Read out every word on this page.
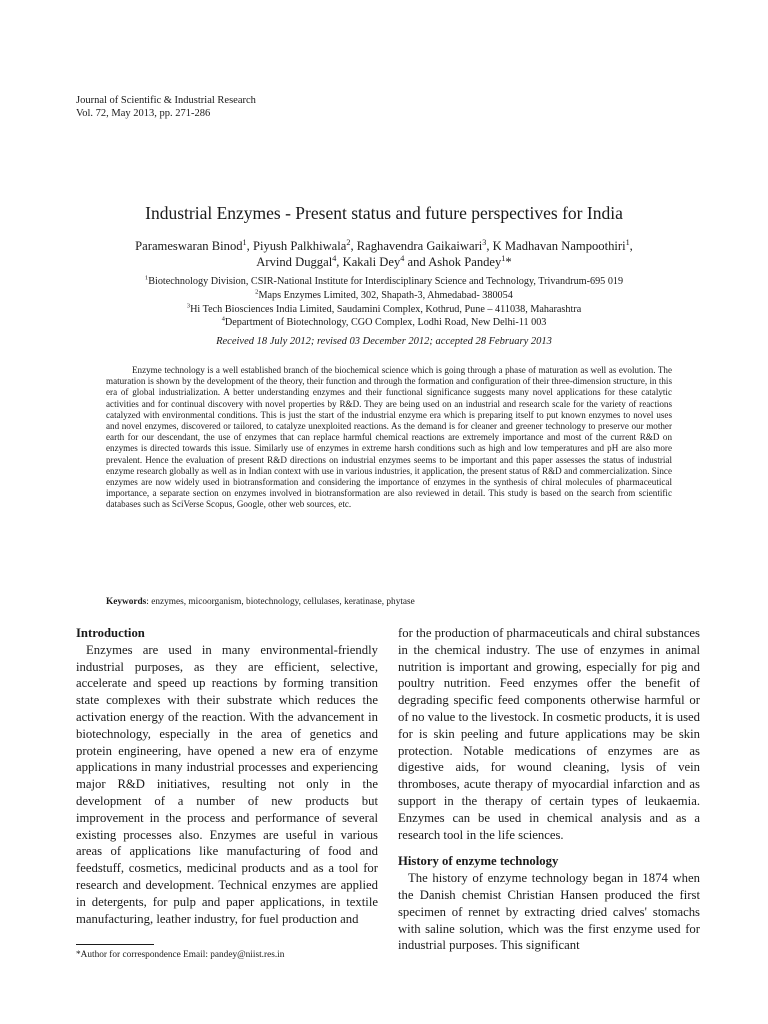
Journal of Scientific & Industrial Research
Vol. 72, May 2013, pp. 271-286
Industrial Enzymes - Present status and future perspectives for India
Parameswaran Binod$^1$, Piyush Palkhiwala$^2$, Raghavendra Gaikaiwari$^3$, K Madhavan Nampoothiri$^1$,
Arvind Duggal$^4$, Kakali Dey$^4$ and Ashok Pandey$^1$*
$^1$Biotechnology Division, CSIR-National Institute for Interdisciplinary Science and Technology, Trivandrum-695 019
$^2$Maps Enzymes Limited, 302, Shapath-3, Ahmedabad- 380054
$^3$Hi Tech Biosciences India Limited, Saudamini Complex, Kothrud, Pune – 411038, Maharashtra
$^4$Department of Biotechnology, CGO Complex, Lodhi Road, New Delhi-11 003
Received 18 July 2012; revised 03 December 2012; accepted 28 February 2013

Enzyme technology is a well established branch of the biochemical science which is going through a phase of maturation as well as evolution. The maturation is shown by the development of the theory, their function and through the formation and configuration of their three-dimension structure, in this era of global industrialization. A better understanding enzymes and their functional significance suggests many novel applications for these catalytic activities and for continual discovery with novel properties by R&D. They are being used on an industrial and research scale for the variety of reactions catalyzed with environmental conditions. This is just the start of the industrial enzyme era which is preparing itself to put known enzymes to novel uses and novel enzymes, discovered or tailored, to catalyze unexploited reactions. As the demand is for cleaner and greener technology to preserve our mother earth for our descendant, the use of enzymes that can replace harmful chemical reactions are extremely importance and most of the current R&D on enzymes is directed towards this issue. Similarly use of enzymes in extreme harsh conditions such as high and low temperatures and pH are also more prevalent. Hence the evaluation of present R&D directions on industrial enzymes seems to be important and this paper assesses the status of industrial enzyme research globally as well as in Indian context with use in various industries, it application, the present status of R&D and commercialization. Since enzymes are now widely used in biotransformation and considering the importance of enzymes in the synthesis of chiral molecules of pharmaceutical importance, a separate section on enzymes involved in biotransformation are also reviewed in detail. This study is based on the search from scientific databases such as SciVerse Scopus, Google, other web sources, etc.

Keywords: enzymes, micoorganism, biotechnology, cellulases, keratinase, phytase

Introduction

Enzymes are used in many environmental-friendly industrial purposes, as they are efficient, selective, accelerate and speed up reactions by forming transition state complexes with their substrate which reduces the activation energy of the reaction. With the advancement in biotechnology, especially in the area of genetics and protein engineering, have opened a new era of enzyme applications in many industrial processes and experiencing major R&D initiatives, resulting not only in the development of a number of new products but improvement in the process and performance of several existing processes also. Enzymes are useful in various areas of applications like manufacturing of food and feedstuff, cosmetics, medicinal products and as a tool for research and development. Technical enzymes are applied in detergents, for pulp and paper applications, in textile manufacturing, leather industry, for fuel production and

for the production of pharmaceuticals and chiral substances in the chemical industry. The use of enzymes in animal nutrition is important and growing, especially for pig and poultry nutrition. Feed enzymes offer the benefit of degrading specific feed components otherwise harmful or of no value to the livestock. In cosmetic products, it is used for is skin peeling and future applications may be skin protection. Notable medications of enzymes are as digestive aids, for wound cleaning, lysis of vein thromboses, acute therapy of myocardial infarction and as support in the therapy of certain types of leukaemia. Enzymes can be used in chemical analysis and as a research tool in the life sciences.

History of enzyme technology

The history of enzyme technology began in 1874 when the Danish chemist Christian Hansen produced the first specimen of rennet by extracting dried calves' stomachs with saline solution, which was the first enzyme used for industrial purposes. This significant

*Author for correspondence Email: pandey@niist.res.in
